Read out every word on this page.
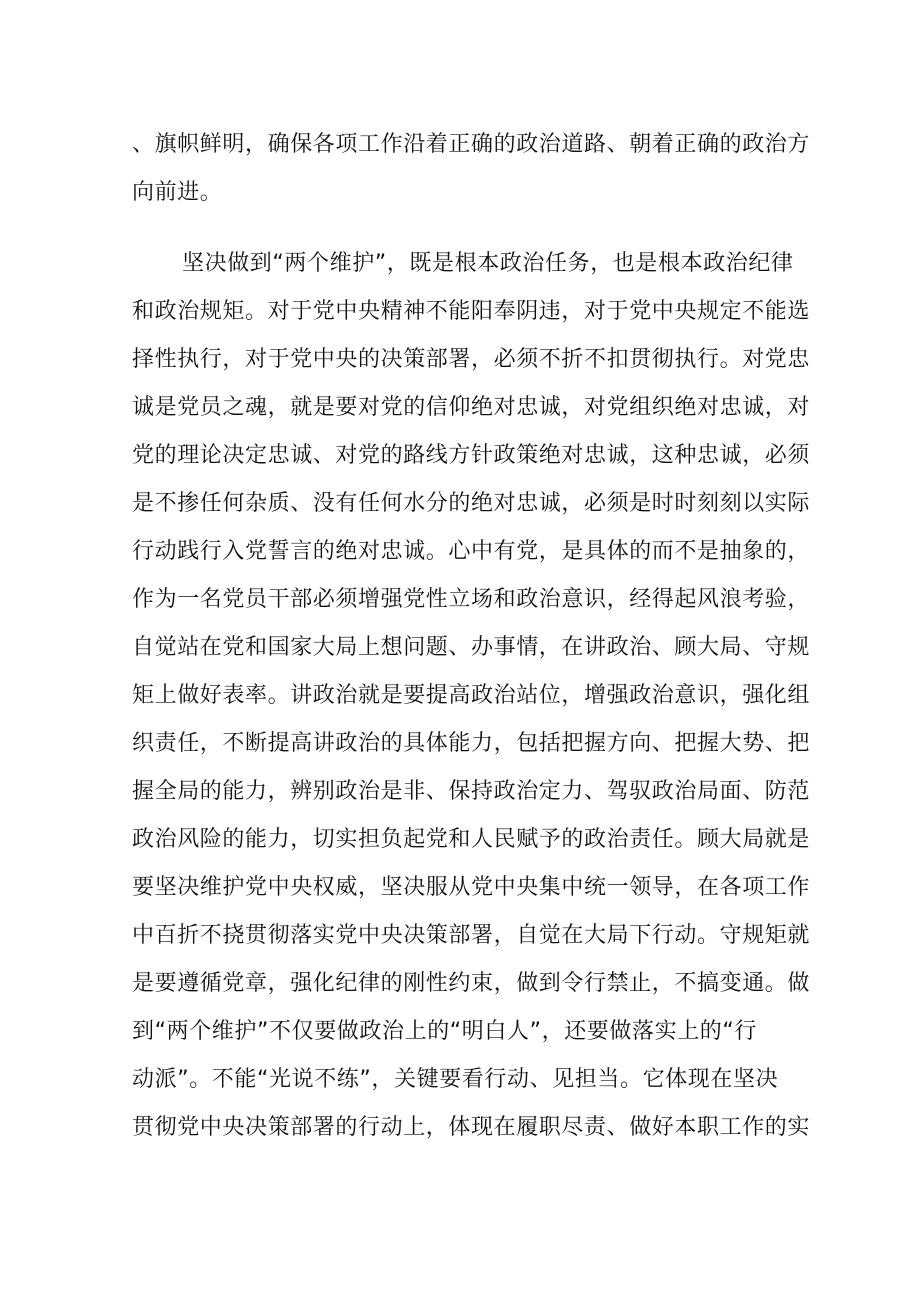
、旗帜鲜明，确保各项工作沿着正确的政治道路、朝着正确的政治方
向前进。
坚决做到“两个维护”，既是根本政治任务，也是根本政治纪律
和政治规矩。对于党中央精神不能阳奉阴违，对于党中央规定不能选
择性执行，对于党中央的决策部署，必须不折不扣贯彻执行。对党忠
诚是党员之魂，就是要对党的信仰绝对忠诚，对党组织绝对忠诚，对
党的理论决定忠诚、对党的路线方针政策绝对忠诚，这种忠诚，必须
是不掺任何杂质、没有任何水分的绝对忠诚，必须是时时刻刻以实际
行动践行入党誓言的绝对忠诚。心中有党，是具体的而不是抽象的，
作为一名党员干部必须增强党性立场和政治意识，经得起风浪考验，
自觉站在党和国家大局上想问题、办事情，在讲政治、顾大局、守规
矩上做好表率。讲政治就是要提高政治站位，增强政治意识，强化组
织责任，不断提高讲政治的具体能力，包括把握方向、把握大势、把
握全局的能力，辨别政治是非、保持政治定力、驾驭政治局面、防范
政治风险的能力，切实担负起党和人民赋予的政治责任。顾大局就是
要坚决维护党中央权威，坚决服从党中央集中统一领导，在各项工作
中百折不挠贯彻落实党中央决策部署，自觉在大局下行动。守规矩就
是要遵循党章，强化纪律的刚性约束，做到令行禁止，不搞变通。做
到“两个维护”不仅要做政治上的“明白人”，还要做落实上的“行
动派”。不能“光说不练”，关键要看行动、见担当。它体现在坚决
贯彻党中央决策部署的行动上，体现在履职尽责、做好本职工作的实
